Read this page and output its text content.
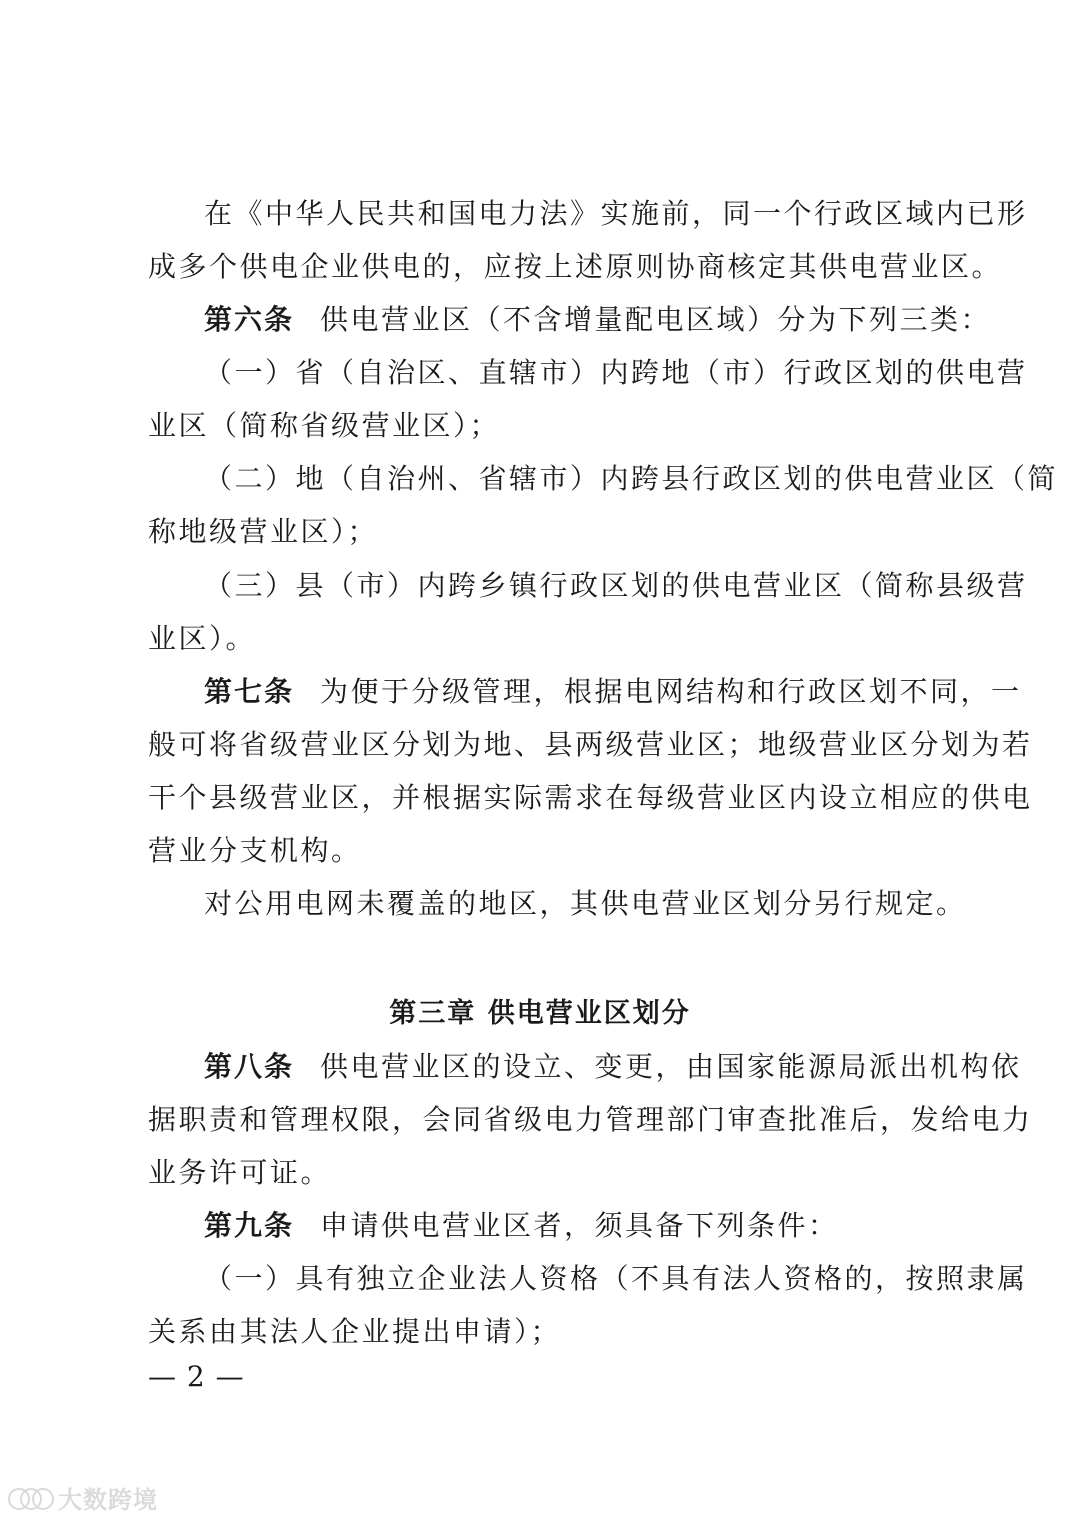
在《中华人民共和国电力法》实施前，同一个行政区域内已形
成多个供电企业供电的，应按上述原则协商核定其供电营业区。
第六条 供电营业区（不含增量配电区域）分为下列三类：
（一）省（自治区、直辖市）内跨地（市）行政区划的供电营
业区（简称省级营业区）；
（二）地（自治州、省辖市）内跨县行政区划的供电营业区（简
称地级营业区）；
（三）县（市）内跨乡镇行政区划的供电营业区（简称县级营
业区）。
第七条 为便于分级管理，根据电网结构和行政区划不同，一
般可将省级营业区分划为地、县两级营业区；地级营业区分划为若
干个县级营业区，并根据实际需求在每级营业区内设立相应的供电
营业分支机构。
对公用电网未覆盖的地区，其供电营业区划分另行规定。
第三章 供电营业区划分
第八条 供电营业区的设立、变更，由国家能源局派出机构依
据职责和管理权限，会同省级电力管理部门审查批准后，发给电力
业务许可证。
第九条 申请供电营业区者，须具备下列条件：
（一）具有独立企业法人资格（不具有法人资格的，按照隶属
关系由其法人企业提出申请）；
— 2 —
大数跨境
